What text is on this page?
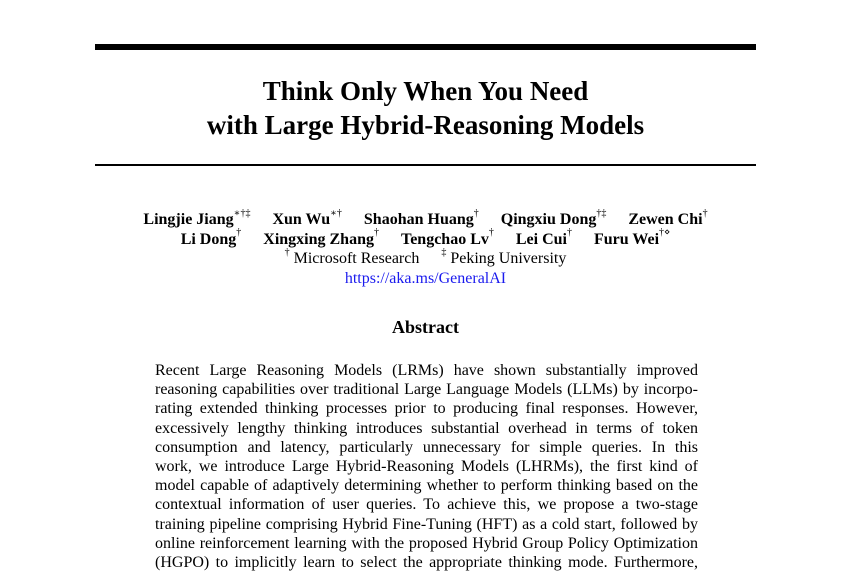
Think Only When You Need
with Large Hybrid-Reasoning Models
Lingjie Jiang∗†‡ Xun Wu∗† Shaohan Huang† Qingxiu Dong†‡ Zewen Chi†
Li Dong† Xingxing Zhang† Tengchao Lv† Lei Cui† Furu Wei†⋄
† Microsoft Research ‡ Peking University
https://aka.ms/GeneralAI
Abstract
Recent Large Reasoning Models (LRMs) have shown substantially improved
reasoning capabilities over traditional Large Language Models (LLMs) by incorpo-
rating extended thinking processes prior to producing final responses. However,
excessively lengthy thinking introduces substantial overhead in terms of token
consumption and latency, particularly unnecessary for simple queries. In this
work, we introduce Large Hybrid-Reasoning Models (LHRMs), the first kind of
model capable of adaptively determining whether to perform thinking based on the
contextual information of user queries. To achieve this, we propose a two-stage
training pipeline comprising Hybrid Fine-Tuning (HFT) as a cold start, followed by
online reinforcement learning with the proposed Hybrid Group Policy Optimization
(HGPO) to implicitly learn to select the appropriate thinking mode. Furthermore,
